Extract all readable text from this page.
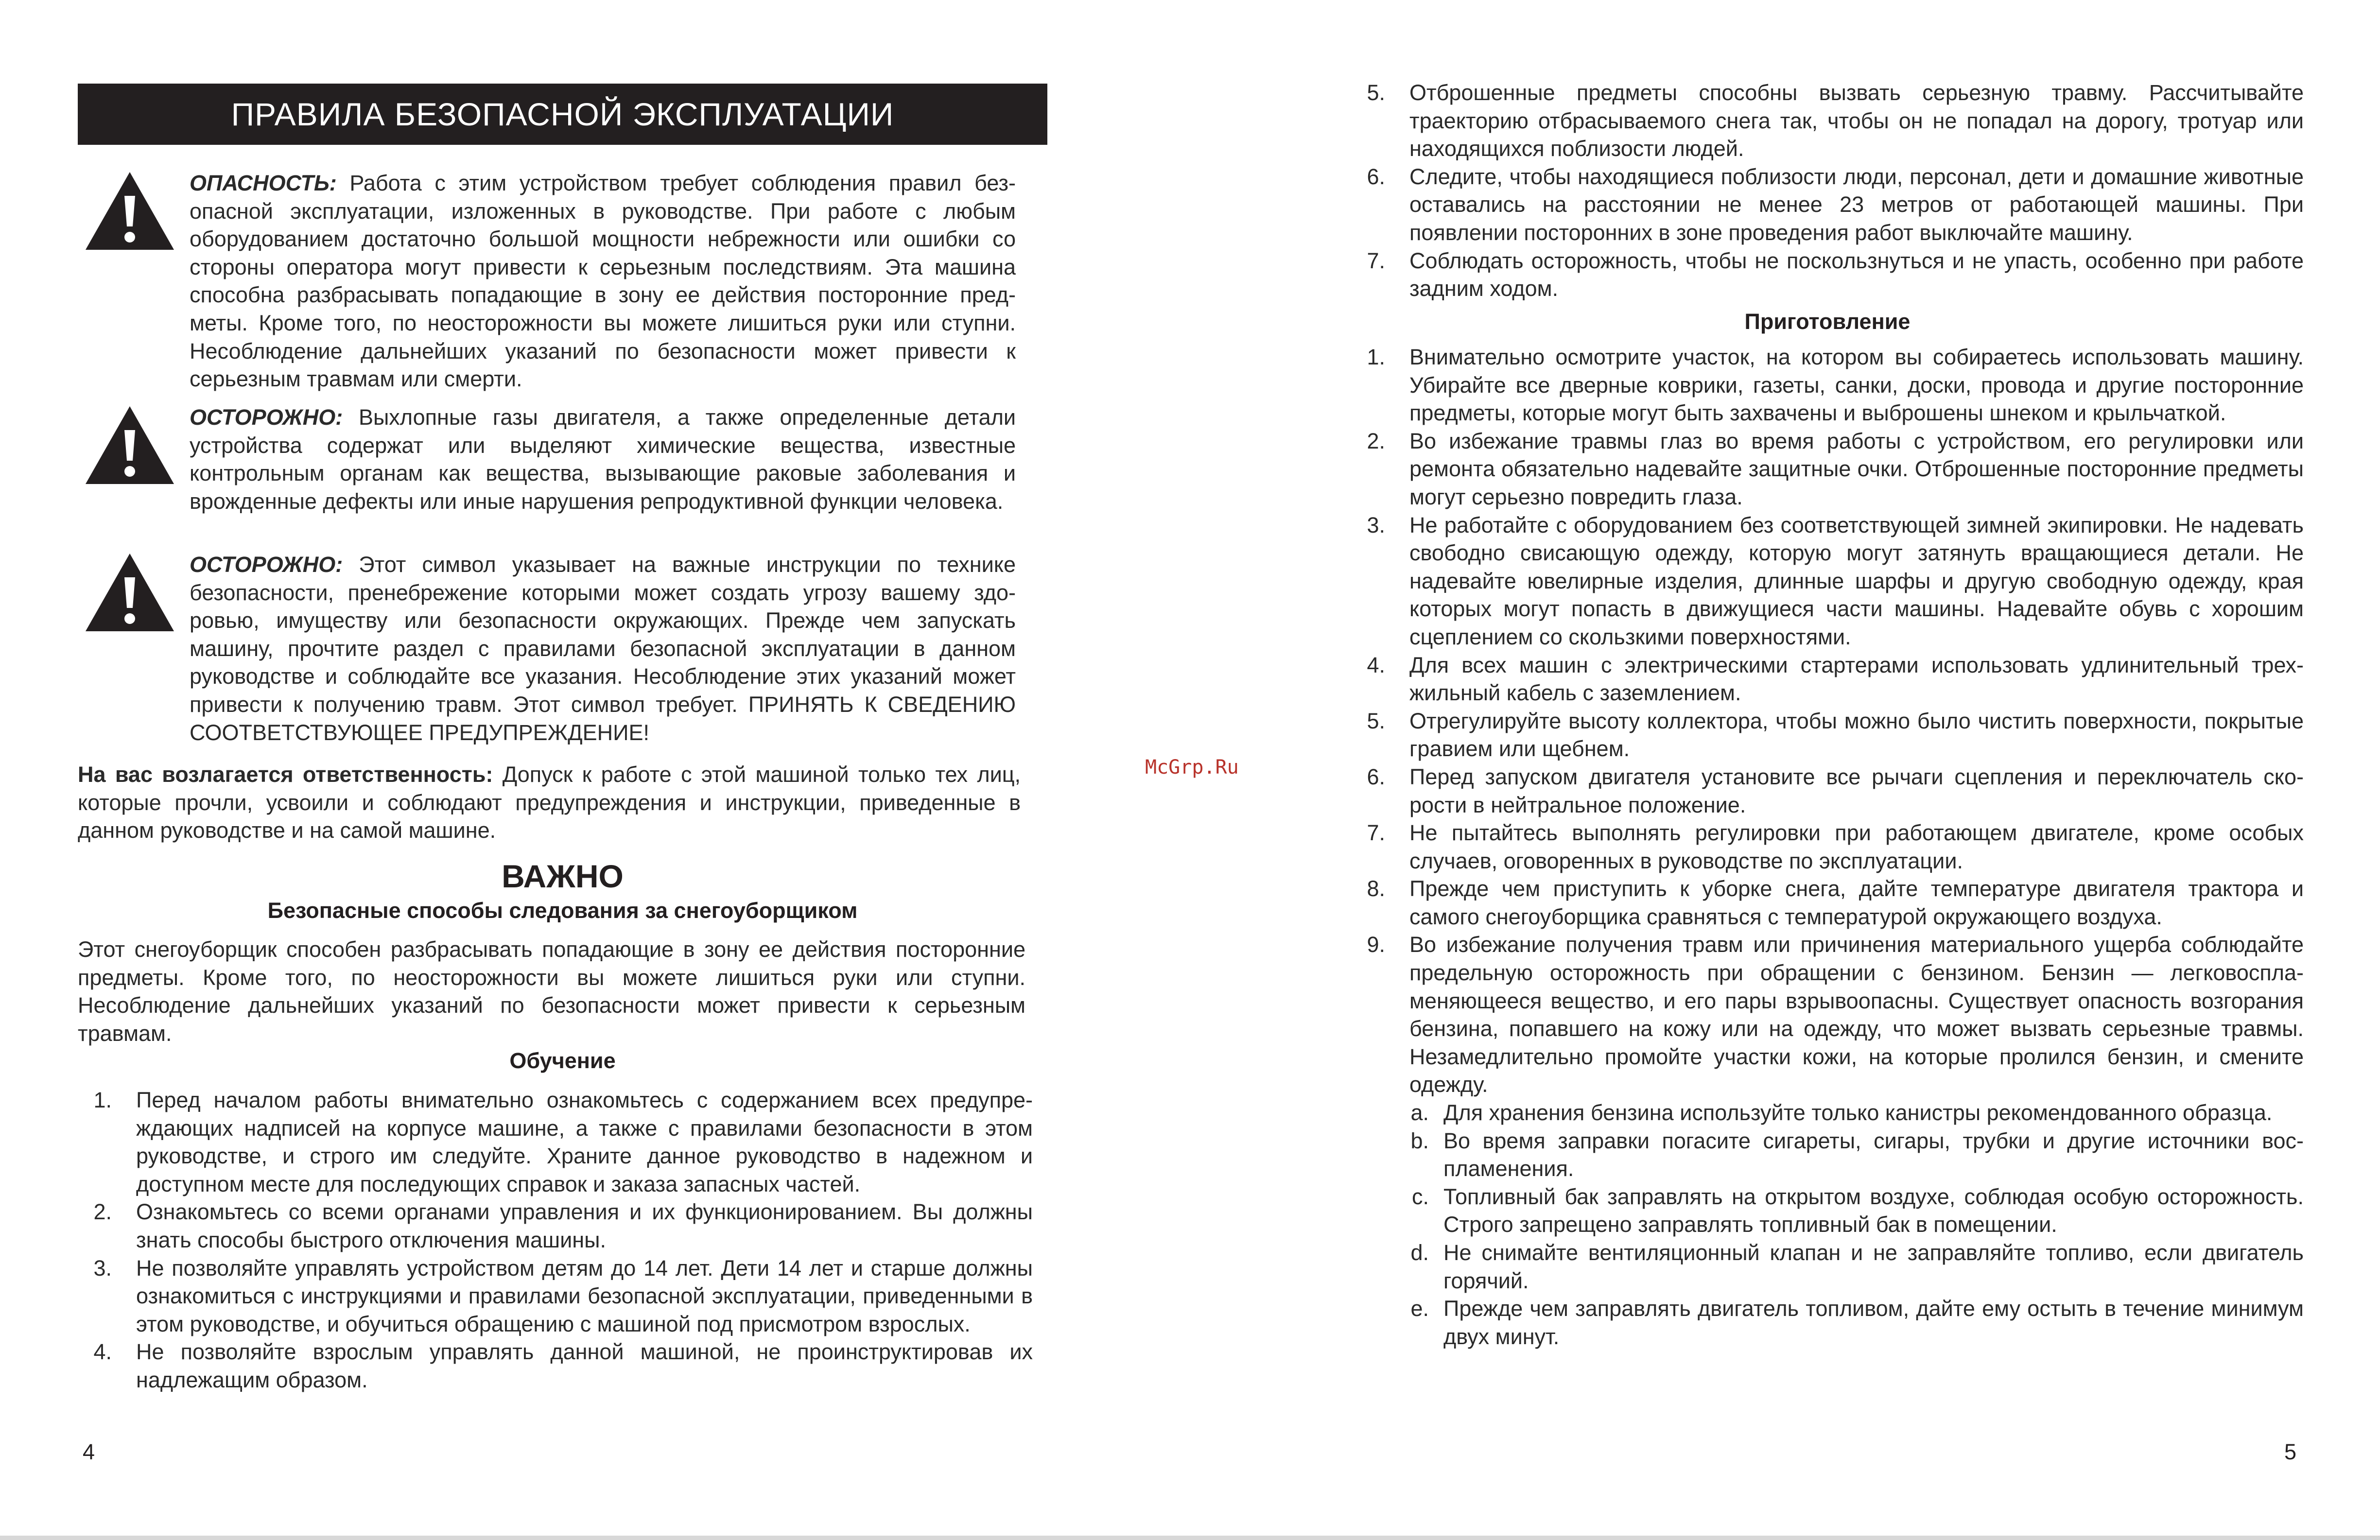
ПРАВИЛА БЕЗОПАСНОЙ ЭКСПЛУАТАЦИИ

ОПАСНОСТЬ: Работа с этим устройством требует соблюдения правил безопасной эксплуатации, изложенных в руководстве. При работе с любым оборудованием достаточно большой мощности небрежности или ошибки со стороны оператора могут привести к серьезным последствиям. Эта машина способна разбрасывать попадающие в зону ее действия посторонние предметы. Кроме того, по неосторожности вы можете лишиться руки или ступни. Несоблюдение дальнейших указаний по безопасности может привести к серьезным травмам или смерти.

ОСТОРОЖНО: Выхлопные газы двигателя, а также определенные детали устройства содержат или выделяют химические вещества, известные контрольным органам как вещества, вызывающие раковые заболевания и врожденные дефекты или иные нарушения репродуктивной функции человека.

ОСТОРОЖНО: Этот символ указывает на важные инструкции по технике безопасности, пренебрежение которыми может создать угрозу вашему здоровью, имуществу или безопасности окружающих. Прежде чем запускать машину, прочтите раздел с правилами безопасной эксплуатации в данном руководстве и соблюдайте все указания. Несоблюдение этих указаний может привести к получению травм. Этот символ требует. ПРИНЯТЬ К СВЕДЕНИЮ СООТВЕТСТВУЮЩЕЕ ПРЕДУПРЕЖДЕНИЕ!

На вас возлагается ответственность: Допуск к работе с этой машиной только тех лиц, которые прочли, усвоили и соблюдают предупреждения и инструкции, приведенные в данном руководстве и на самой машине.

ВАЖНО

Безопасные способы следования за снегоуборщиком

Этот снегоуборщик способен разбрасывать попадающие в зону ее действия посторонние предметы. Кроме того, по неосторожности вы можете лишиться руки или ступни. Несоблюдение дальнейших указаний по безопасности может привести к серьезным травмам.

Обучение

1. Перед началом работы внимательно ознакомьтесь с содержанием всех предупреждающих надписей на корпусе машине, а также с правилами безопасности в этом руководстве, и строго им следуйте. Храните данное руководство в надежном и доступном месте для последующих справок и заказа запасных частей.
2. Ознакомьтесь со всеми органами управления и их функционированием. Вы должны знать способы быстрого отключения машины.
3. Не позволяйте управлять устройством детям до 14 лет. Дети 14 лет и старше должны ознакомиться с инструкциями и правилами безопасной эксплуатации, приведенными в этом руководстве, и обучиться обращению с машиной под присмотром взрослых.
4. Не позволяйте взрослым управлять данной машиной, не проинструктировав их надлежащим образом.
4
McGrp.Ru
5. Отброшенные предметы способны вызвать серьезную травму. Рассчитывайте траекторию отбрасываемого снега так, чтобы он не попадал на дорогу, тротуар или находящихся поблизости людей.
6. Следите, чтобы находящиеся поблизости люди, персонал, дети и домашние животные оставались на расстоянии не менее 23 метров от работающей машины. При появлении посторонних в зоне проведения работ выключайте машину.
7. Соблюдать осторожность, чтобы не поскользнуться и не упасть, особенно при работе задним ходом.

Приготовление

1. Внимательно осмотрите участок, на котором вы собираетесь использовать машину. Убирайте все дверные коврики, газеты, санки, доски, провода и другие посторонние предметы, которые могут быть захвачены и выброшены шнеком и крыльчаткой.
2. Во избежание травмы глаз во время работы с устройством, его регулировки или ремонта обязательно надевайте защитные очки. Отброшенные посторонние предметы могут серьезно повредить глаза.
3. Не работайте с оборудованием без соответствующей зимней экипировки. Не надевать свободно свисающую одежду, которую могут затянуть вращающиеся детали. Не надевайте ювелирные изделия, длинные шарфы и другую свободную одежду, края которых могут попасть в движущиеся части машины. Надевайте обувь с хорошим сцеплением со скользкими поверхностями.
4. Для всех машин с электрическими стартерами использовать удлинительный трехжильный кабель с заземлением.
5. Отрегулируйте высоту коллектора, чтобы можно было чистить поверхности, покрытые гравием или щебнем.
6. Перед запуском двигателя установите все рычаги сцепления и переключатель скорости в нейтральное положение.
7. Не пытайтесь выполнять регулировки при работающем двигателе, кроме особых случаев, оговоренных в руководстве по эксплуатации.
8. Прежде чем приступить к уборке снега, дайте температуре двигателя трактора и самого снегоуборщика сравняться с температурой окружающего воздуха.
9. Во избежание получения травм или причинения материального ущерба соблюдайте предельную осторожность при обращении с бензином. Бензин — легковоспламеняющееся вещество, и его пары взрывоопасны. Существует опасность возгорания бензина, попавшего на кожу или на одежду, что может вызвать серьезные травмы. Незамедлительно промойте участки кожи, на которые пролился бензин, и смените одежду.
a. Для хранения бензина используйте только канистры рекомендованного образца.
b. Во время заправки погасите сигареты, сигары, трубки и другие источники воспламенения.
c. Топливный бак заправлять на открытом воздухе, соблюдая особую осторожность. Строго запрещено заправлять топливный бак в помещении.
d. Не снимайте вентиляционный клапан и не заправляйте топливо, если двигатель горячий.
e. Прежде чем заправлять двигатель топливом, дайте ему остыть в течение минимум двух минут.
5
